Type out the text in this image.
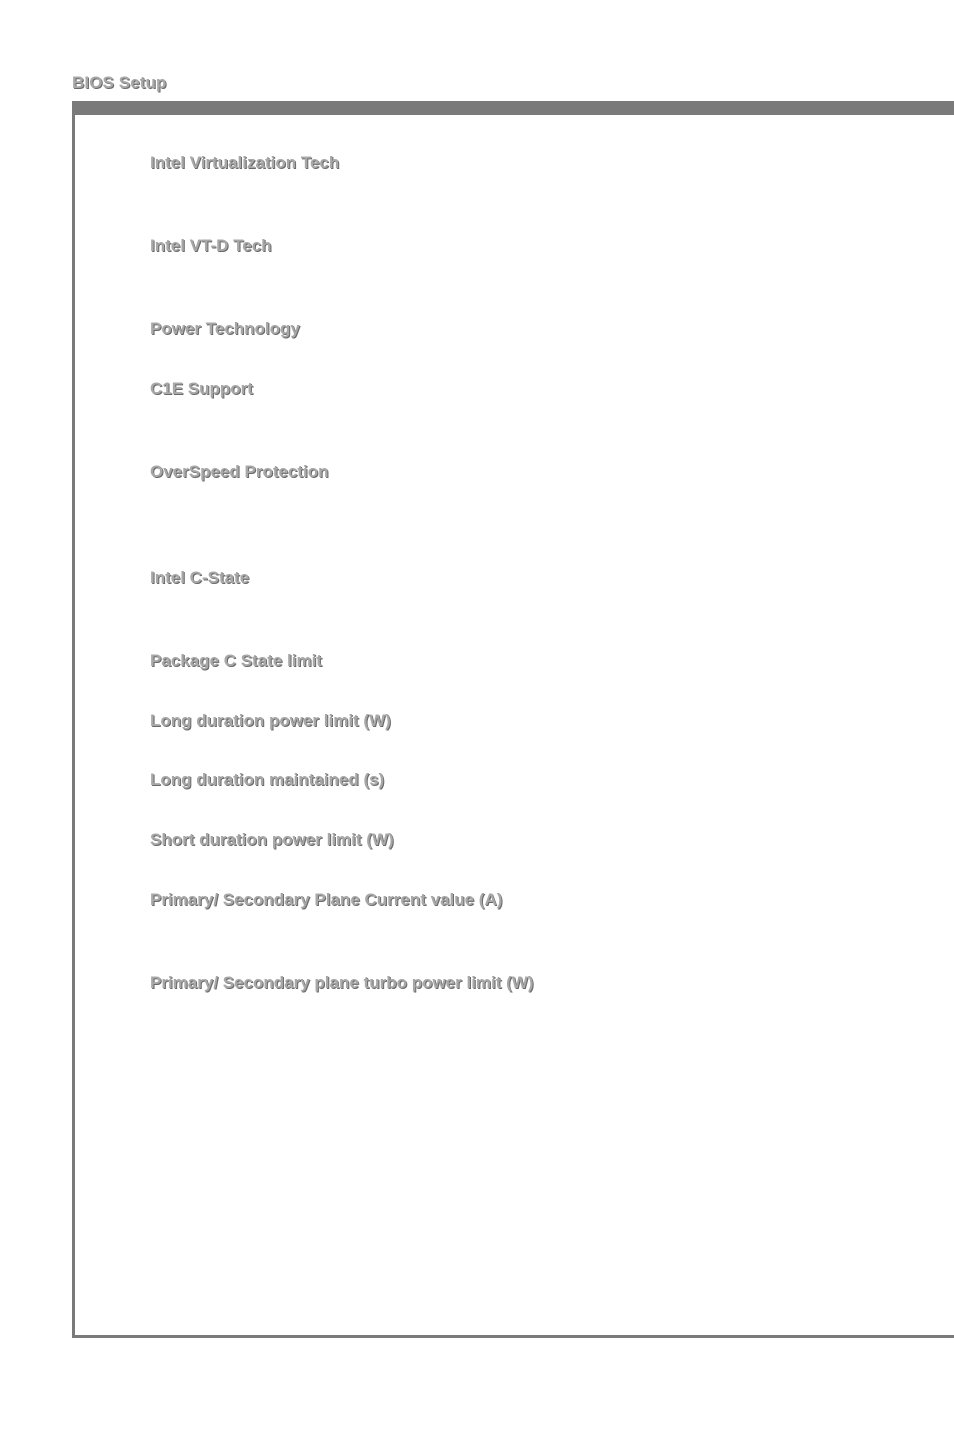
BIOS Setup
Intel Virtualization Tech
Intel VT-D Tech
Power Technology
C1E Support
OverSpeed Protection
Intel C-State
Package C State limit
Long duration power limit (W)
Long duration maintained (s)
Short duration power limit (W)
Primary/ Secondary Plane Current value (A)
Primary/ Secondary plane turbo power limit (W)
